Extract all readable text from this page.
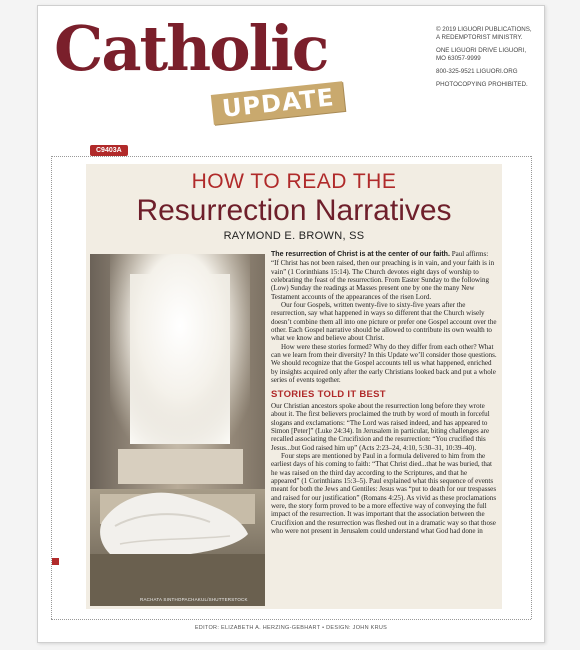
Catholic
UPDATE

© 2019 LIGUORI PUBLICATIONS, A REDEMPTORIST MINISTRY.

ONE LIGUORI DRIVE LIGUORI, MO 63057-9999

800-325-9521 LIGUORI.ORG

PHOTOCOPYING PROHIBITED.

C9403A
HOW TO READ THE
Resurrection Narratives
RAYMOND E. BROWN, SS
RACHATA SINTHOPACHAKUL/SHUTTERSTOCK

The resurrection of Christ is at the center of our faith. Paul affirms: “If Christ has not been raised, then our preaching is in vain, and your faith is in vain” (1 Corinthians 15:14). The Church devotes eight days of worship to celebrating the feast of the resurrection. From Easter Sunday to the following (Low) Sunday the readings at Masses present one by one the many New Testament accounts of the appearances of the risen Lord.

Our four Gospels, written twenty-five to sixty-five years after the resurrection, say what happened in ways so different that the Church wisely doesn’t combine them all into one picture or prefer one Gospel account over the other. Each Gospel narrative should be allowed to contribute its own wealth to what we know and believe about Christ.

How were these stories formed? Why do they differ from each other? What can we learn from their diversity? In this Update we’ll consider those questions. We should recognize that the Gospel accounts tell us what happened, enriched by insights acquired only after the early Christians looked back and put a whole series of events together.

STORIES TOLD IT BEST

Our Christian ancestors spoke about the resurrection long before they wrote about it. The first believers proclaimed the truth by word of mouth in forceful slogans and exclamations: “The Lord was raised indeed, and has appeared to Simon [Peter]” (Luke 24:34). In Jerusalem in particular, biting challenges are recalled associating the Crucifixion and the resurrection: “You crucified this Jesus...but God raised him up” (Acts 2:23–24, 4:10, 5:30–31, 10:39–40).

Four steps are mentioned by Paul in a formula delivered to him from the earliest days of his coming to faith: “That Christ died...that he was buried, that he was raised on the third day according to the Scriptures, and that he appeared” (1 Corinthians 15:3–5). Paul explained what this sequence of events meant for both the Jews and Gentiles: Jesus was “put to death for our trespasses and raised for our justification” (Romans 4:25). As vivid as these proclamations were, the story form proved to be a more effective way of conveying the full impact of the resurrection. It was important that the association between the Crucifixion and the resurrection was fleshed out in a dramatic way so that those who were not present in Jerusalem could understand what God had done in

EDITOR: ELIZABETH A. HERZING-GEBHART • DESIGN: JOHN KRUS
